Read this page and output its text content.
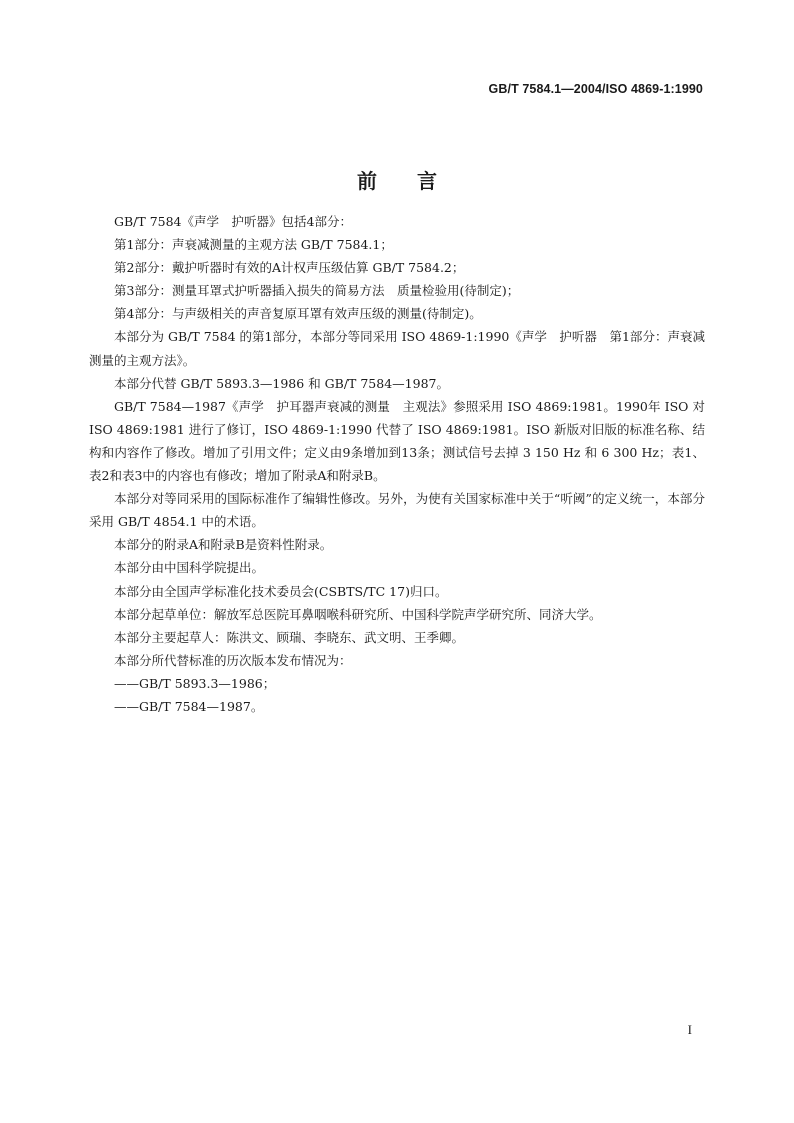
GB/T 7584.1—2004/ISO 4869-1:1990
前言

GB/T 7584《声学　护听器》包括4部分：

第1部分：声衰减测量的主观方法 GB/T 7584.1；

第2部分：戴护听器时有效的A计权声压级估算 GB/T 7584.2；

第3部分：测量耳罩式护听器插入损失的简易方法　质量检验用(待制定)；

第4部分：与声级相关的声音复原耳罩有效声压级的测量(待制定)。

本部分为 GB/T 7584 的第1部分，本部分等同采用 ISO 4869-1:1990《声学　护听器　第1部分：声衰减测量的主观方法》。

本部分代替 GB/T 5893.3—1986 和 GB/T 7584—1987。

GB/T 7584—1987《声学　护耳器声衰减的测量　主观法》参照采用 ISO 4869:1981。1990年 ISO 对 ISO 4869:1981 进行了修订，ISO 4869-1:1990 代替了 ISO 4869:1981。ISO 新版对旧版的标准名称、结构和内容作了修改。增加了引用文件；定义由9条增加到13条；测试信号去掉 3 150 Hz 和 6 300 Hz；表1、表2和表3中的内容也有修改；增加了附录A和附录B。

本部分对等同采用的国际标准作了编辑性修改。另外，为使有关国家标准中关于“听阈”的定义统一，本部分采用 GB/T 4854.1 中的术语。

本部分的附录A和附录B是资料性附录。

本部分由中国科学院提出。

本部分由全国声学标准化技术委员会(CSBTS/TC 17)归口。

本部分起草单位：解放军总医院耳鼻咽喉科研究所、中国科学院声学研究所、同济大学。

本部分主要起草人：陈洪文、顾瑞、李晓东、武文明、王季卿。

本部分所代替标准的历次版本发布情况为：

——GB/T 5893.3—1986；

——GB/T 7584—1987。

I
